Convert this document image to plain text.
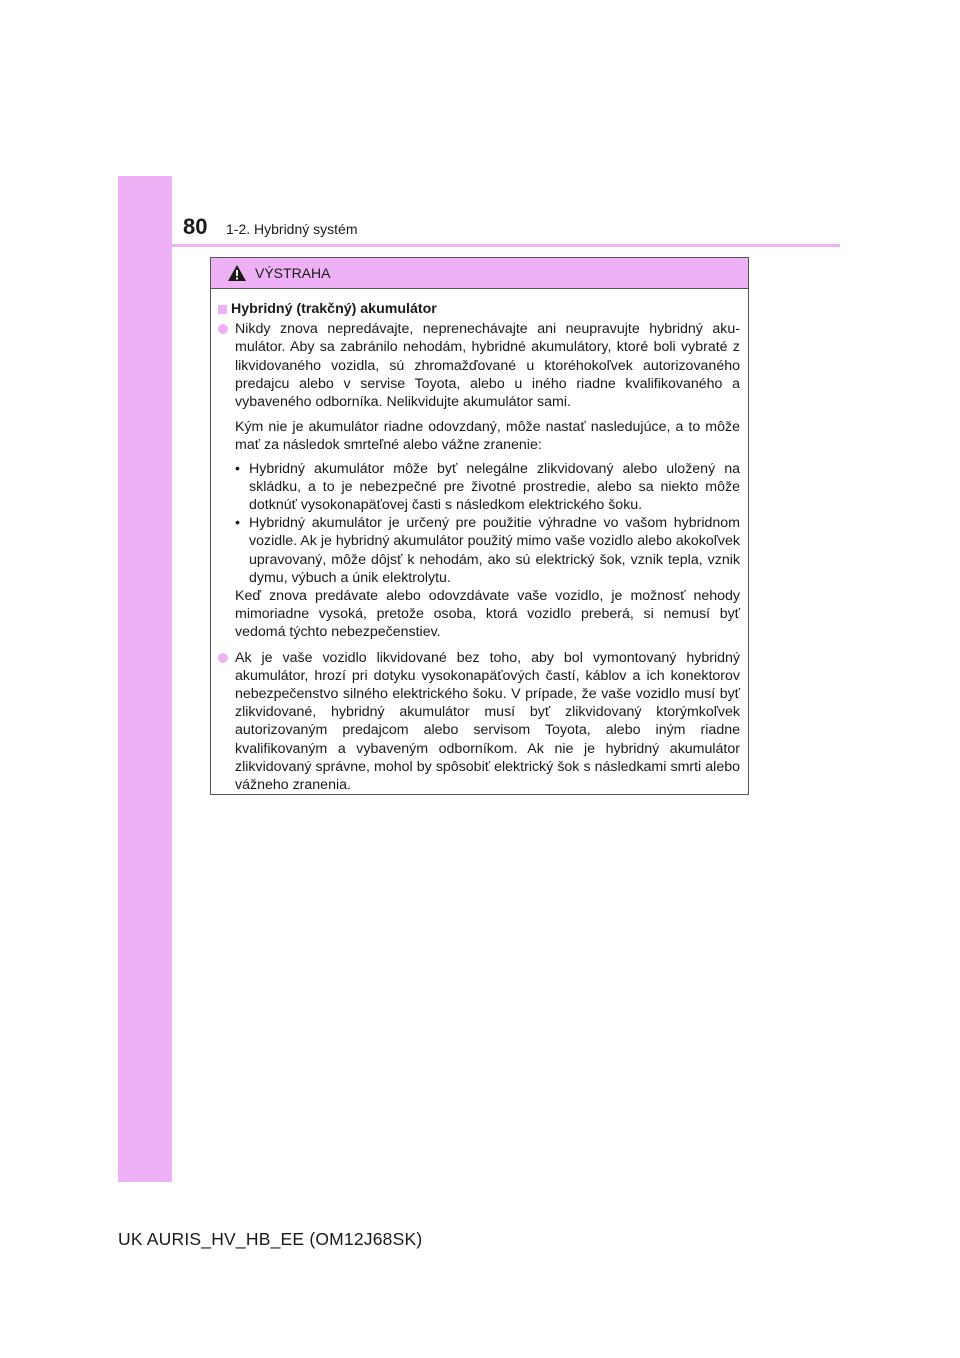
80 1-2. Hybridný systém
VÝSTRAHA
Hybridný (trakčný) akumulátor

Nikdy znova nepredávajte, neprenechávajte ani neupravujte hybridný akumulátor. Aby sa zabránilo nehodám, hybridné akumulátory, ktoré boli vybraté z likvidovaného vozidla, sú zhromažďované u ktoréhokoľvek autorizovaného predajcu alebo v servise Toyota, alebo u iného riadne kvalifikovaného a vybaveného odborníka. Nelikvidujte akumulátor sami.

Kým nie je akumulátor riadne odovzdaný, môže nastať nasledujúce, a to môže mať za následok smrteľné alebo vážne zranenie:

• Hybridný akumulátor môže byť nelegálne zlikvidovaný alebo uložený na skládku, a to je nebezpečné pre životné prostredie, alebo sa niekto môže dotknúť vysokonapäťovej časti s následkom elektrického šoku.
• Hybridný akumulátor je určený pre použitie výhradne vo vašom hybridnom vozidle. Ak je hybridný akumulátor použitý mimo vaše vozidlo alebo akokoľvek upravovaný, môže dôjsť k nehodám, ako sú elektrický šok, vznik tepla, vznik dymu, výbuch a únik elektrolytu.

Keď znova predávate alebo odovzdávate vaše vozidlo, je možnosť nehody mimoriadne vysoká, pretože osoba, ktorá vozidlo preberá, si nemusí byť vedomá týchto nebezpečenstiev.

Ak je vaše vozidlo likvidované bez toho, aby bol vymontovaný hybridný akumulátor, hrozí pri dotyku vysokonapäťových častí, káblov a ich konektorov nebezpečenstvo silného elektrického šoku. V prípade, že vaše vozidlo musí byť zlikvidované, hybridný akumulátor musí byť zlikvidovaný ktorýmkoľvek autorizovaným predajcom alebo servisom Toyota, alebo iným riadne kvalifikovaným a vybaveným odborníkom. Ak nie je hybridný akumulátor zlikvidovaný správne, mohol by spôsobiť elektrický šok s následkami smrti alebo vážneho zranenia.

UK AURIS_HV_HB_EE (OM12J68SK)
